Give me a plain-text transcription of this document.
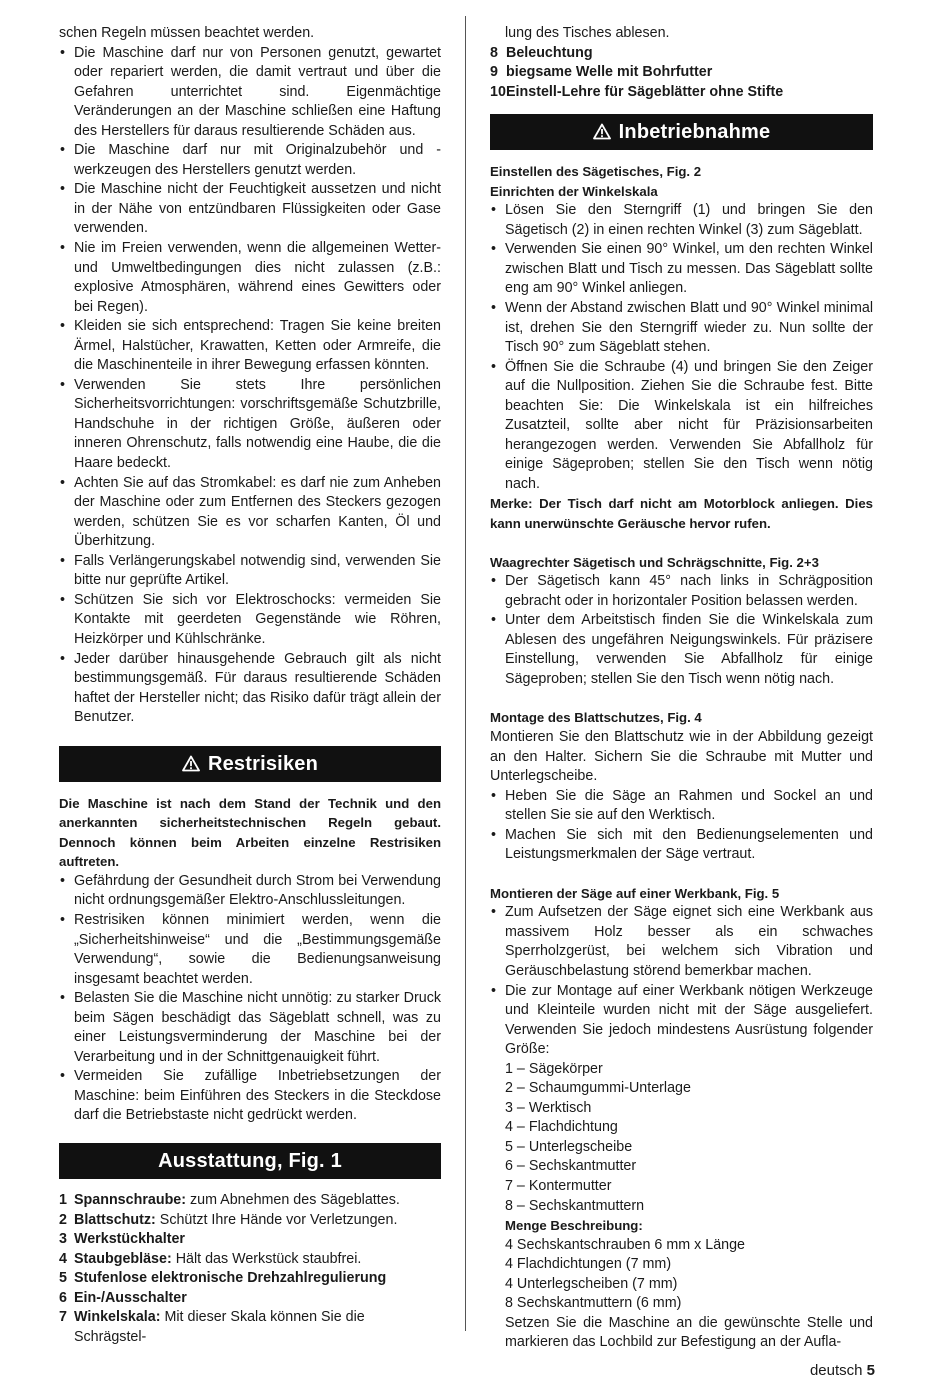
schen Regeln müssen beachtet werden.

• Die Maschine darf nur von Personen genutzt, gewartet oder repariert werden, die damit vertraut und über die Gefahren unterrichtet sind. Eigenmächtige Veränderungen an der Maschine schließen eine Haftung des Herstellers für daraus resultierende Schäden aus.
• Die Maschine darf nur mit Originalzubehör und -werkzeugen des Herstellers genutzt werden.
• Die Maschine nicht der Feuchtigkeit aussetzen und nicht in der Nähe von entzündbaren Flüssigkeiten oder Gase verwenden.
• Nie im Freien verwenden, wenn die allgemeinen Wetter- und Umweltbedingungen dies nicht zulassen (z.B.: explosive Atmosphären, während eines Gewitters oder bei Regen).
• Kleiden sie sich entsprechend: Tragen Sie keine breiten Ärmel, Halstücher, Krawatten, Ketten oder Armreife, die die Maschinenteile in ihrer Bewegung erfassen könnten.
• Verwenden Sie stets Ihre persönlichen Sicherheitsvorrichtungen: vorschriftsgemäße Schutzbrille, Handschuhe in der richtigen Größe, äußeren oder inneren Ohrenschutz, falls notwendig eine Haube, die die Haare bedeckt.
• Achten Sie auf das Stromkabel: es darf nie zum Anheben der Maschine oder zum Entfernen des Steckers gezogen werden, schützen Sie es vor scharfen Kanten, Öl und Überhitzung.
• Falls Verlängerungskabel notwendig sind, verwenden Sie bitte nur geprüfte Artikel.
• Schützen Sie sich vor Elektroschocks: vermeiden Sie Kontakte mit geerdeten Gegenstände wie Röhren, Heizkörper und Kühlschränke.
• Jeder darüber hinausgehende Gebrauch gilt als nicht bestimmungsgemäß. Für daraus resultierende Schäden haftet der Hersteller nicht; das Risiko dafür trägt allein der Benutzer.
Restrisiken

Die Maschine ist nach dem Stand der Technik und den anerkannten sicherheitstechnischen Regeln gebaut. Dennoch können beim Arbeiten einzelne Restrisiken auftreten.

• Gefährdung der Gesundheit durch Strom bei Verwendung nicht ordnungsgemäßer Elektro-Anschlussleitungen.
• Restrisiken können minimiert werden, wenn die „Sicherheitshinweise“ und die „Bestimmungsgemäße Verwendung“, sowie die Bedienungsanweisung insgesamt beachtet werden.
• Belasten Sie die Maschine nicht unnötig: zu starker Druck beim Sägen beschädigt das Sägeblatt schnell, was zu einer Leistungsverminderung der Maschine bei der Verarbeitung und in der Schnittgenauigkeit führt.
• Vermeiden Sie zufällige Inbetriebsetzungen der Maschine: beim Einführen des Steckers in die Steckdose darf die Betriebstaste nicht gedrückt werden.
Ausstattung, Fig. 1
1 Spannschraube: zum Abnehmen des Sägeblattes.
2 Blattschutz: Schützt Ihre Hände vor Verletzungen.
3 Werkstückhalter
4 Staubgebläse: Hält das Werkstück staubfrei.
5 Stufenlose elektronische Drehzahlregulierung
6 Ein-/Ausschalter
7 Winkelskala: Mit dieser Skala können Sie die Schrägstel-

lung des Tisches ablesen.

8 Beleuchtung
9 biegsame Welle mit Bohrfutter
10 Einstell-Lehre für Sägeblätter ohne Stifte
Inbetriebnahme

Einstellen des Sägetisches, Fig. 2

Einrichten der Winkelskala

• Lösen Sie den Sterngriff (1) und bringen Sie den Sägetisch (2) in einen rechten Winkel (3) zum Sägeblatt.
• Verwenden Sie einen 90° Winkel, um den rechten Winkel zwischen Blatt und Tisch zu messen. Das Sägeblatt sollte eng am 90° Winkel anliegen.
• Wenn der Abstand zwischen Blatt und 90° Winkel minimal ist, drehen Sie den Sterngriff wieder zu. Nun sollte der Tisch 90° zum Sägeblatt stehen.
• Öffnen Sie die Schraube (4) und bringen Sie den Zeiger auf die Nullposition. Ziehen Sie die Schraube fest. Bitte beachten Sie: Die Winkelskala ist ein hilfreiches Zusatzteil, sollte aber nicht für Präzisionsarbeiten herangezogen werden. Verwenden Sie Abfallholz für einige Sägeproben; stellen Sie den Tisch wenn nötig nach.

Merke: Der Tisch darf nicht am Motorblock anliegen. Dies kann unerwünschte Geräusche hervor rufen.

Waagrechter Sägetisch und Schrägschnitte, Fig. 2+3

• Der Sägetisch kann 45° nach links in Schrägposition gebracht oder in horizontaler Position belassen werden.
• Unter dem Arbeitstisch finden Sie die Winkelskala zum Ablesen des ungefähren Neigungswinkels. Für präzisere Einstellung, verwenden Sie Abfallholz für einige Sägeproben; stellen Sie den Tisch wenn nötig nach.

Montage des Blattschutzes, Fig. 4

Montieren Sie den Blattschutz wie in der Abbildung gezeigt an den Halter. Sichern Sie die Schraube mit Mutter und Unterlegscheibe.

• Heben Sie die Säge an Rahmen und Sockel an und stellen Sie sie auf den Werktisch.
• Machen Sie sich mit den Bedienungselementen und Leistungsmerkmalen der Säge vertraut.

Montieren der Säge auf einer Werkbank, Fig. 5

• Zum Aufsetzen der Säge eignet sich eine Werkbank aus massivem Holz besser als ein schwaches Sperrholzgerüst, bei welchem sich Vibration und Geräuschbelastung störend bemerkbar machen.
• Die zur Montage auf einer Werkbank nötigen Werkzeuge und Kleinteile wurden nicht mit der Säge ausgeliefert. Verwenden Sie jedoch mindestens Ausrüstung folgender Größe:
1 – Sägekörper
2 – Schaumgummi-Unterlage
3 – Werktisch
4 – Flachdichtung
5 – Unterlegscheibe
6 – Sechskantmutter
7 – Kontermutter
8 – Sechskantmuttern
Menge Beschreibung:
4 Sechskantschrauben 6 mm x Länge
4 Flachdichtungen (7 mm)
4 Unterlegscheiben (7 mm)
8 Sechskantmuttern (6 mm)

Setzen Sie die Maschine an die gewünschte Stelle und markieren das Lochbild zur Befestigung an der Aufla-

deutsch 5
